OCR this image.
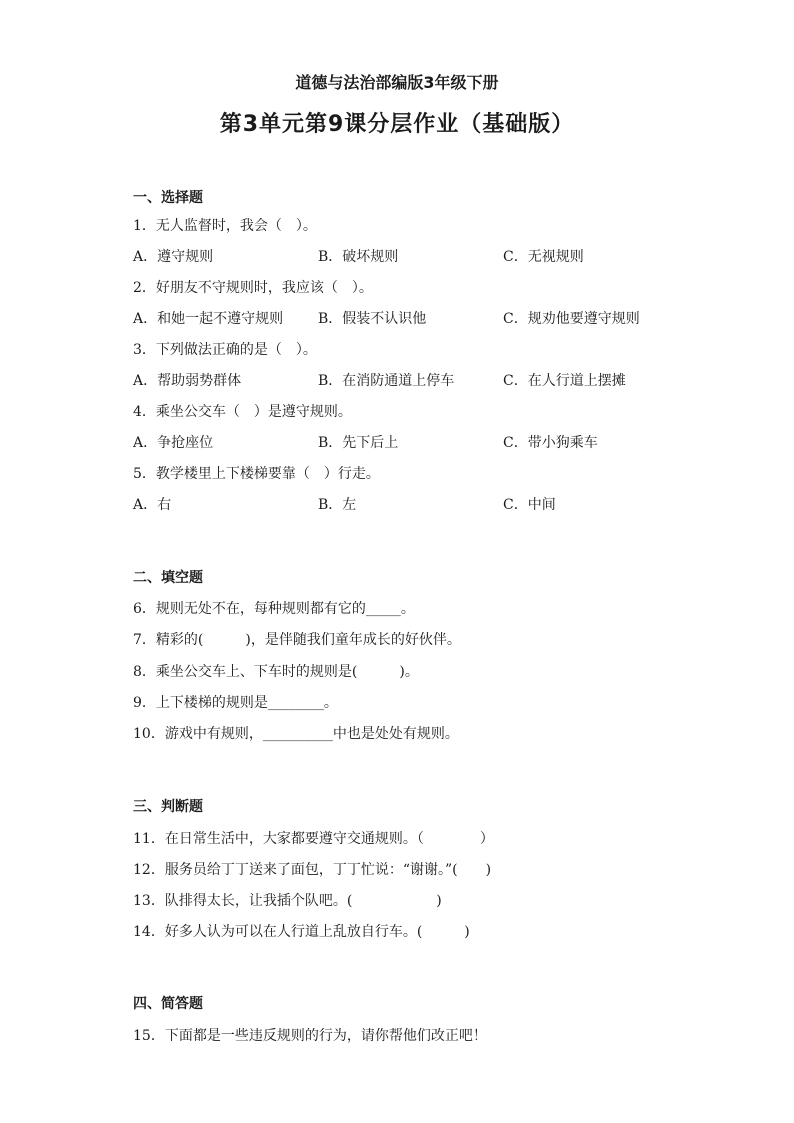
道德与法治部编版3年级下册
第3单元第9课分层作业（基础版）
一、选择题
1．无人监督时，我会（　）。
A．遵守规则	B．破坏规则	C．无视规则
2．好朋友不守规则时，我应该（　）。
A．和她一起不遵守规则 B．假装不认识他	C．规劝他要遵守规则
3．下列做法正确的是（　）。
A．帮助弱势群体	B．在消防通道上停车	C．在人行道上摆摊
4．乘坐公交车（　）是遵守规则。
A．争抢座位	B．先下后上	C．带小狗乘车
5．教学楼里上下楼梯要靠（　）行走。
A．右	B．左	C．中间
二、填空题
6．规则无处不在，每种规则都有它的_____。
7．精彩的(　　　)，是伴随我们童年成长的好伙伴。
8．乘坐公交车上、下车时的规则是(　　　)。
9．上下楼梯的规则是________。
10．游戏中有规则，__________中也是处处有规则。
三、判断题
11．在日常生活中，大家都要遵守交通规则。（　　　　）
12．服务员给丁丁送来了面包，丁丁忙说：“谢谢。”(　　)
13．队排得太长，让我插个队吧。(　　　　　　)
14．好多人认为可以在人行道上乱放自行车。(　　　)
四、简答题
15．下面都是一些违反规则的行为，请你帮他们改正吧！
